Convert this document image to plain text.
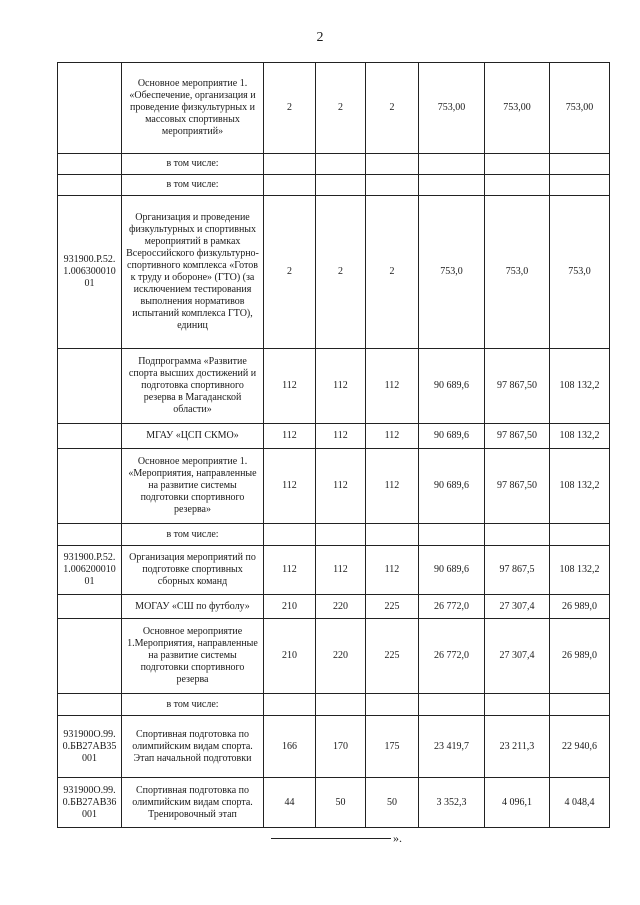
2
	Основное мероприятие 1. «Обеспечение, организация и проведение физкультурных и массовых спортивных мероприятий»	2	2	2	753,00	753,00	753,00
	в том числе:						
	в том числе:						
931900.Р.52. 1.006300010 01	Организация и проведение физкультурных и спортивных мероприятий в рамках Всероссийского физкультурно-спортивного комплекса «Готов к труду и обороне» (ГТО) (за исключением тестирования выполнения нормативов испытаний комплекса ГТО), единиц	2	2	2	753,0	753,0	753,0
	Подпрограмма «Развитие спорта высших достижений и подготовка спортивного резерва в Магаданской области»	112	112	112	90 689,6	97 867,50	108 132,2
	МГАУ «ЦСП СКМО»	112	112	112	90 689,6	97 867,50	108 132,2
	Основное мероприятие 1. «Мероприятия, направленные на развитие системы подготовки спортивного резерва»	112	112	112	90 689,6	97 867,50	108 132,2
	в том числе:						
931900.Р.52. 1.006200010 01	Организация мероприятий по подготовке спортивных сборных команд	112	112	112	90 689,6	97 867,5	108 132,2
	МОГАУ «СШ по футболу»	210	220	225	26 772,0	27 307,4	26 989,0
	Основное мероприятие 1.Мероприятия, направленные на развитие системы подготовки спортивного резерва	210	220	225	26 772,0	27 307,4	26 989,0
	в том числе:						
931900О.99. 0.БВ27АВ35 001	Спортивная подготовка по олимпийским видам спорта. Этап начальной подготовки	166	170	175	23 419,7	23 211,3	22 940,6
931900О.99. 0.БВ27АВ36 001	Спортивная подготовка по олимпийским видам спорта. Тренировочный этап	44	50	50	3 352,3	4 096,1	4 048,4
».
